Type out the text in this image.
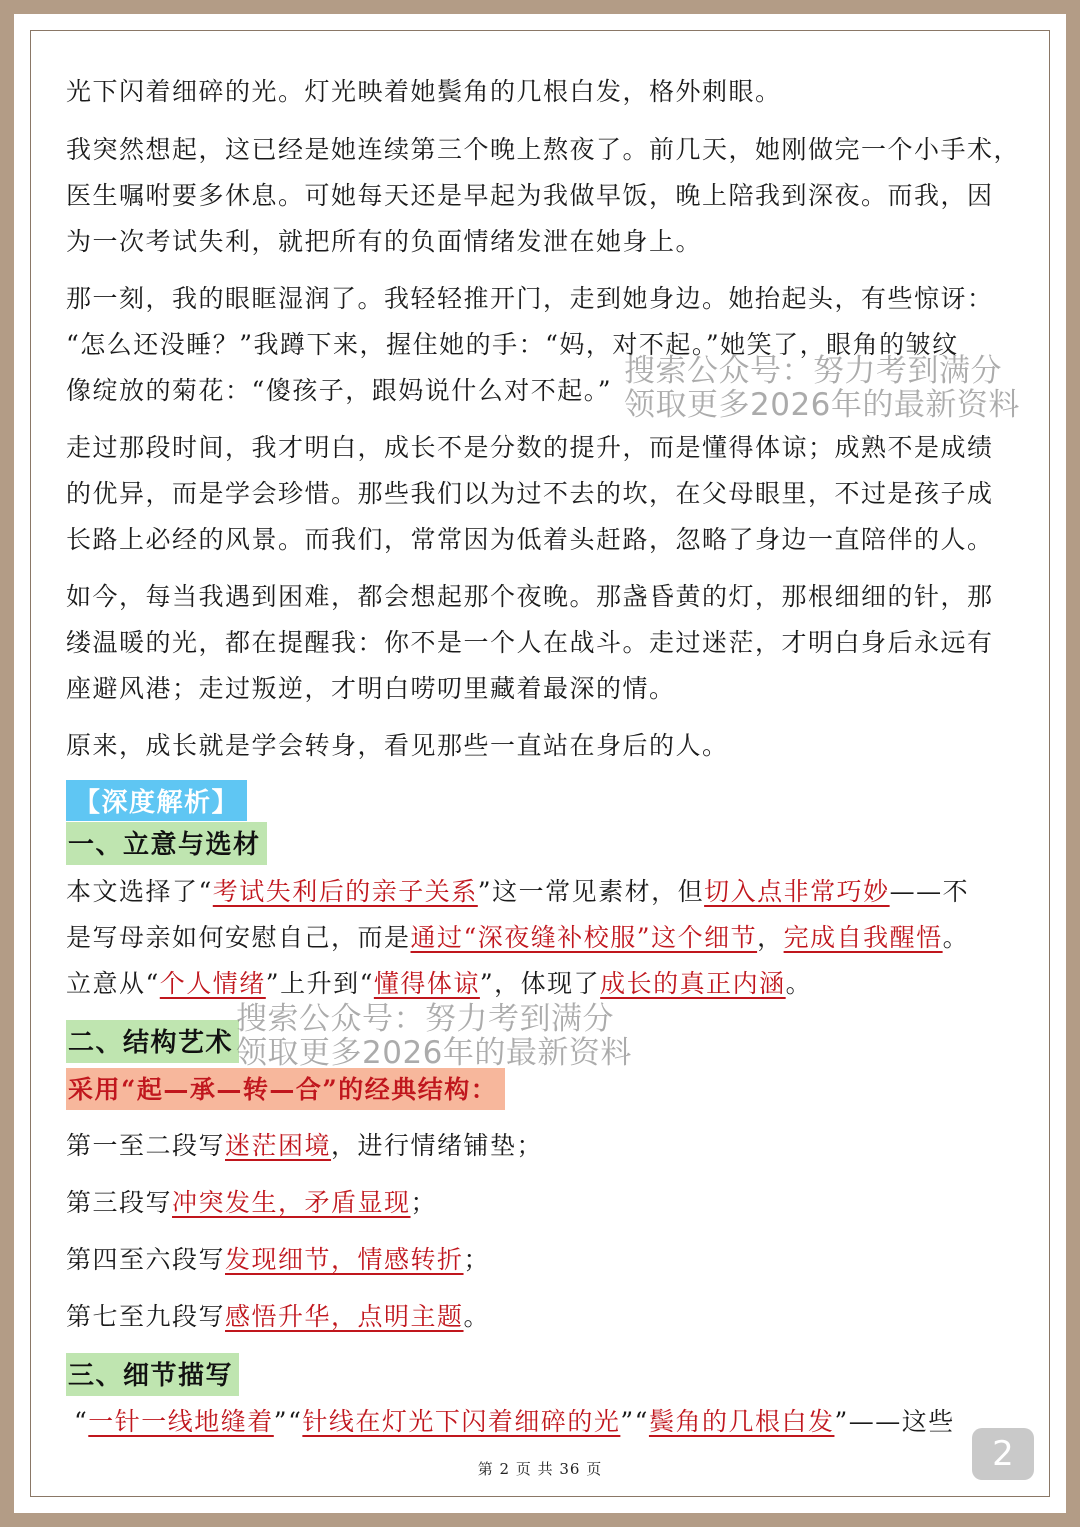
光下闪着细碎的光。灯光映着她鬓角的几根白发，格外刺眼。
我突然想起，这已经是她连续第三个晚上熬夜了。前几天，她刚做完一个小手术，
医生嘱咐要多休息。可她每天还是早起为我做早饭，晚上陪我到深夜。而我，因
为一次考试失利，就把所有的负面情绪发泄在她身上。
那一刻，我的眼眶湿润了。我轻轻推开门，走到她身边。她抬起头，有些惊讶：
“怎么还没睡？”我蹲下来，握住她的手：“妈，对不起。”她笑了，眼角的皱纹
像绽放的菊花：“傻孩子，跟妈说什么对不起。”
走过那段时间，我才明白，成长不是分数的提升，而是懂得体谅；成熟不是成绩
的优异，而是学会珍惜。那些我们以为过不去的坎，在父母眼里，不过是孩子成
长路上必经的风景。而我们，常常因为低着头赶路，忽略了身边一直陪伴的人。
如今，每当我遇到困难，都会想起那个夜晚。那盏昏黄的灯，那根细细的针，那
缕温暖的光，都在提醒我：你不是一个人在战斗。走过迷茫，才明白身后永远有
座避风港；走过叛逆，才明白唠叨里藏着最深的情。
原来，成长就是学会转身，看见那些一直站在身后的人。
【深度解析】
一、立意与选材
本文选择了“考试失利后的亲子关系”这一常见素材，但切入点非常巧妙——不
是写母亲如何安慰自己，而是通过“深夜缝补校服”这个细节，完成自我醒悟。
立意从“个人情绪”上升到“懂得体谅”，体现了成长的真正内涵。
二、结构艺术
采用“起—承—转—合”的经典结构：
第一至二段写迷茫困境，进行情绪铺垫；
第三段写冲突发生，矛盾显现；
第四至六段写发现细节，情感转折；
第七至九段写感悟升华，点明主题。
三、细节描写
“一针一线地缝着”“针线在灯光下闪着细碎的光”“鬓角的几根白发”——这些
搜索公众号：努力考到满分
领取更多2026年的最新资料
搜索公众号：努力考到满分
领取更多2026年的最新资料
第 2 页 共 36 页	2
